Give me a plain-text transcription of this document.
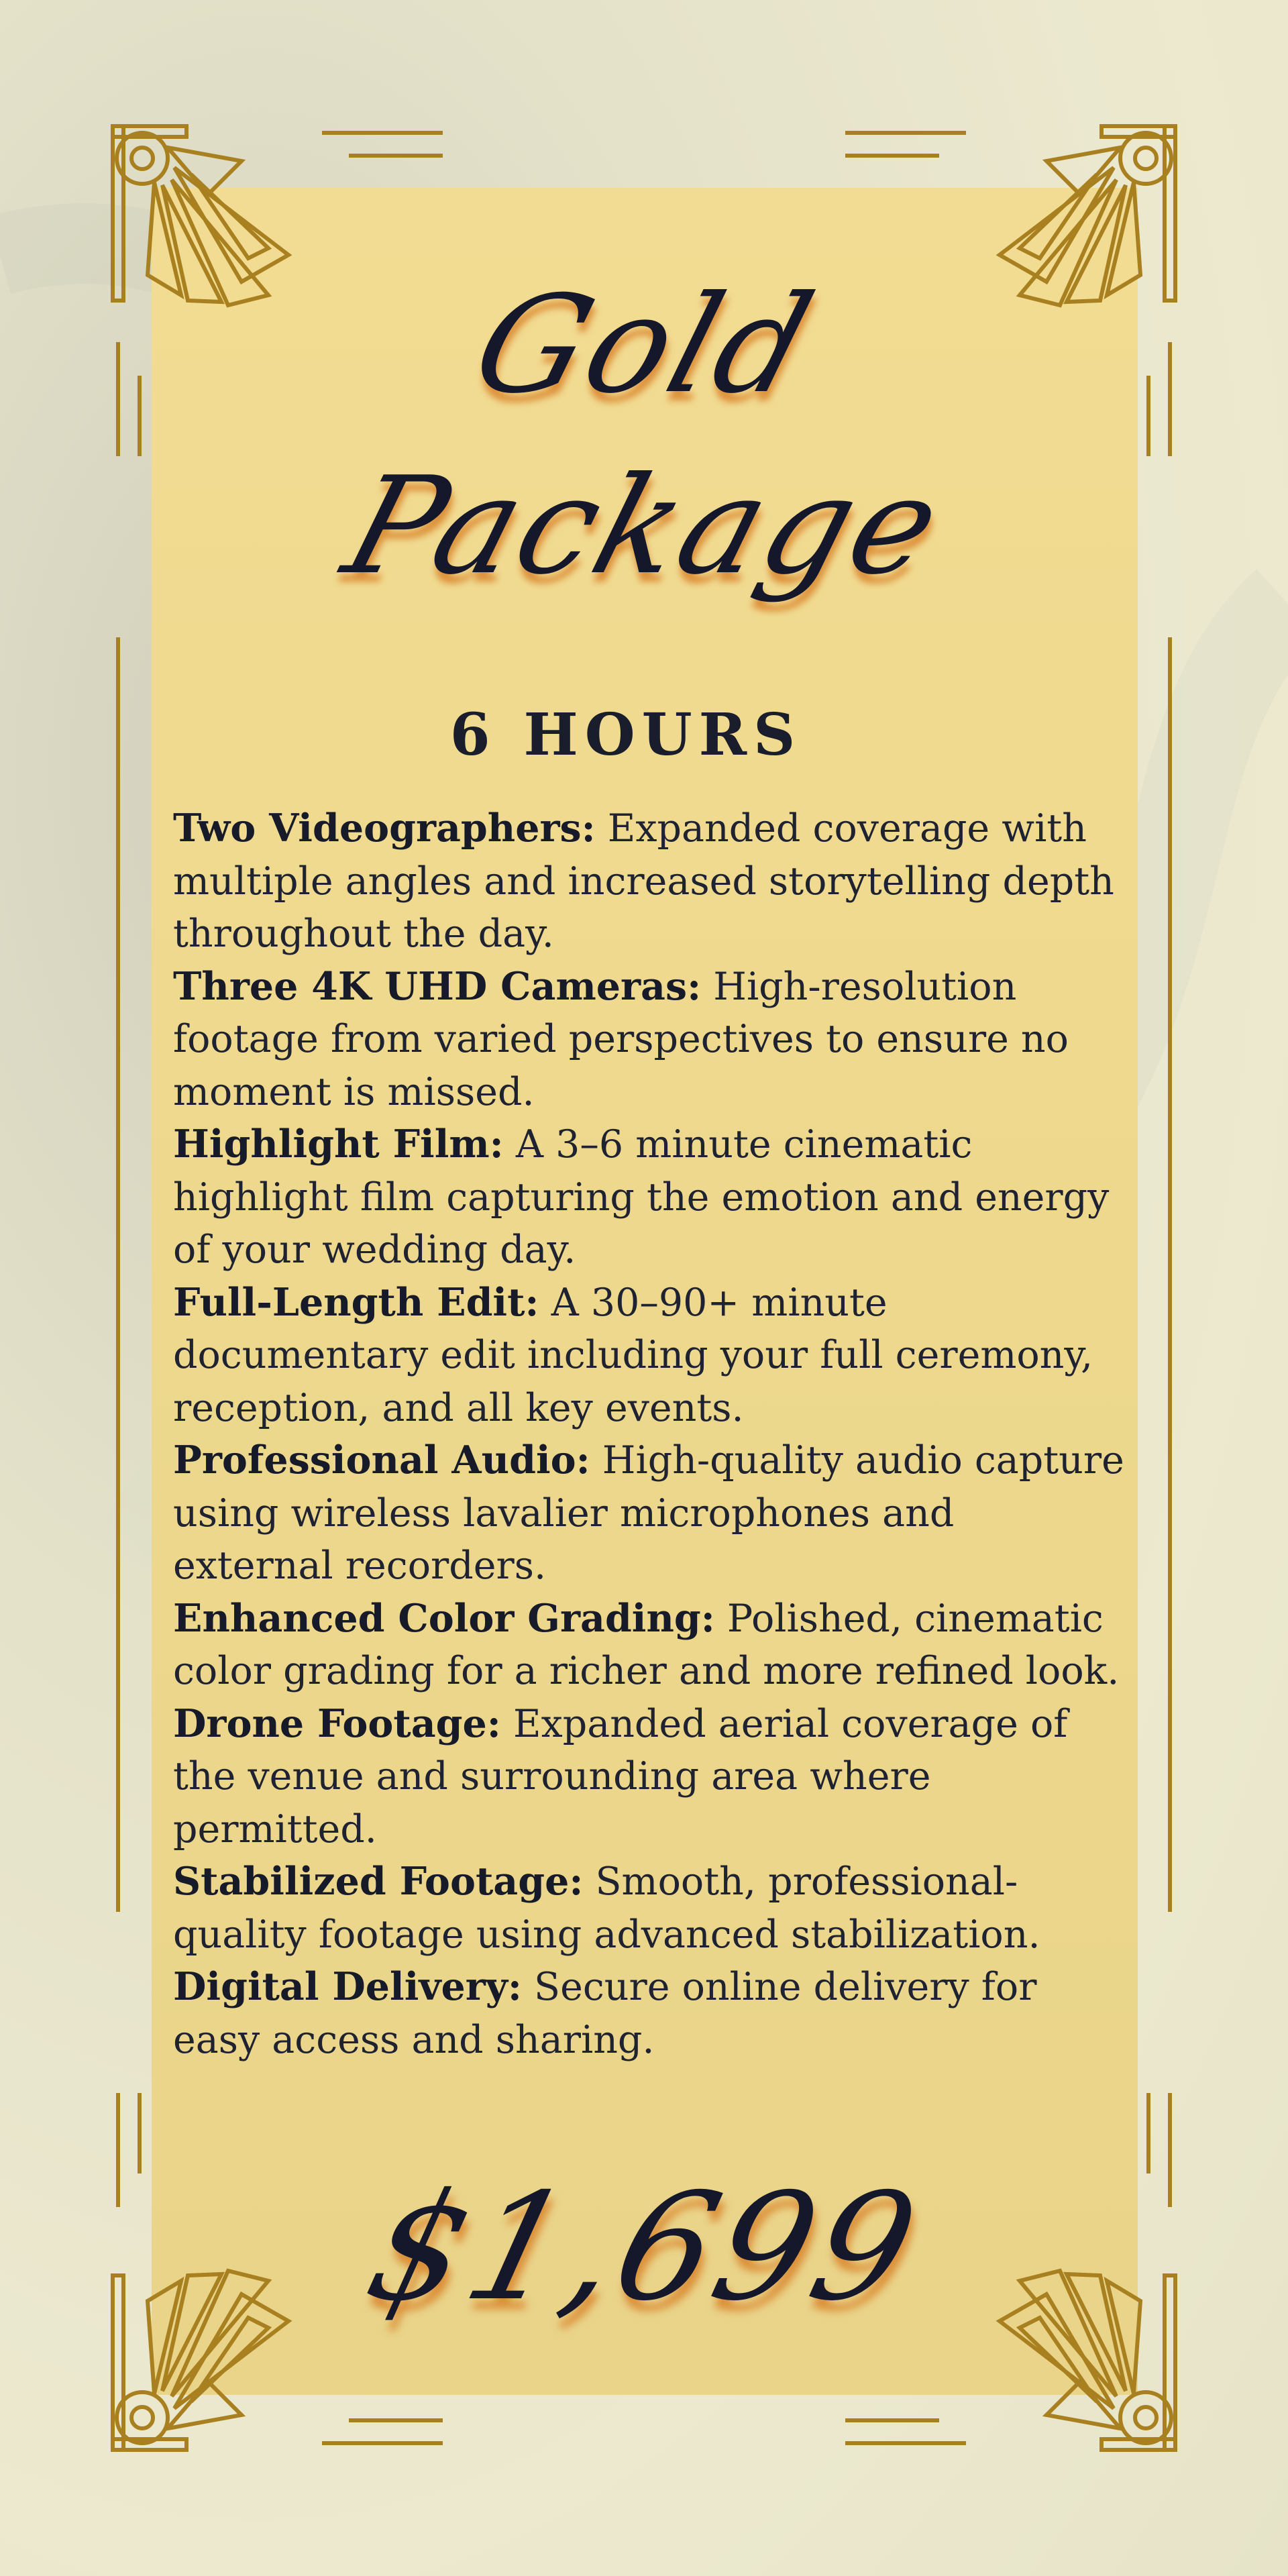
Gold
Package
6 HOURS
Two Videographers: Expanded coverage with multiple angles and increased storytelling depth throughout the day.
Three 4K UHD Cameras: High-resolution footage from varied perspectives to ensure no moment is missed.
Highlight Film: A 3–6 minute cinematic highlight film capturing the emotion and energy of your wedding day.
Full-Length Edit: A 30–90+ minute documentary edit including your full ceremony, reception, and all key events.
Professional Audio: High-quality audio capture using wireless lavalier microphones and external recorders.
Enhanced Color Grading: Polished, cinematic color grading for a richer and more refined look.
Drone Footage: Expanded aerial coverage of the venue and surrounding area where permitted.
Stabilized Footage: Smooth, professional-quality footage using advanced stabilization.
Digital Delivery: Secure online delivery for easy access and sharing.
$1,699
